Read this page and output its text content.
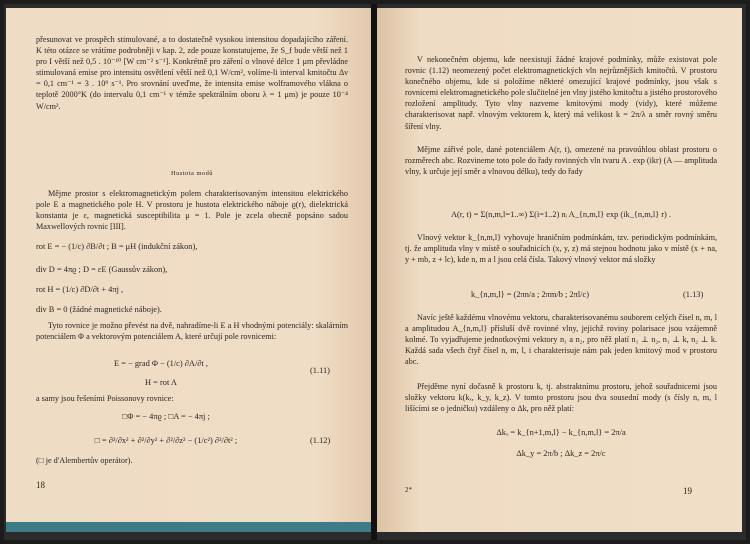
přesunovat ve prospěch stimulované, a to dostatečně vysokou intensitou dopadajícího záření. K této otázce se vrátíme podrobněji v kap. 2, zde pouze konstatujeme, že S_f bude větší než 1 pro I větší než 0,5 . 10⁻¹⁰ [W cm⁻² s⁻¹]. Konkrétně pro záření o vlnové délce 1 μm převládne stimulovaná emise pro intensitu osvětlení větší než 0,1 W/cm², volíme-li interval kmitočtu Δν = 0,1 cm⁻¹ = 3 . 10⁹ s⁻¹. Pro srovnání uveďme, že intensita emise wolframového vlákna o teplotě 2000°K (do intervalu 0,1 cm⁻¹ v témže spektrálním oboru λ = 1 μm) je pouze 10⁻⁴ W/cm².

Hustota modů

Mějme prostor s elektromagnetickým polem charakterisovaným intensitou elektrického pole E a magnetického pole H. V prostoru je hustota elektrického náboje ϱ(r), dielektrická konstanta je ε, magnetická susceptibilita μ = 1. Pole je zcela obecně popsáno sadou Maxwellových rovnic [III].

rot E = − (1/c) ∂B/∂t ; B = μH (indukční zákon),
div D = 4πϱ ; D = εE (Gaussův zákon),
rot H = (1/c) ∂D/∂t + 4πj ,
div B = 0 (žádné magnetické náboje).

Tyto rovnice je možno převést na dvě, nahradíme-li E a H vhodnými potenciály: skalárním potenciálem Φ a vektorovým potenciálem A, které určují pole rovnicemi:

E = − grad Φ − (1/c) ∂A/∂t ,
H = rot A
(1.11)

a samy jsou řešeními Poissonovy rovnice:

□Φ = − 4πϱ ; □A = − 4πj ;
□ = ∂²/∂x² + ∂²/∂y² + ∂²/∂z² − (1/c²) ∂²/∂t² ;	(1.12)

(□ je d'Alembertův operátor).

18

V nekonečném objemu, kde neexistují žádné krajové podmínky, může existovat pole rovnic (1.12) neomezený počet elektromagnetických vln nejrůznějších kmitočtů. V prostoru konečného objemu, kde si položíme některé omezující krajové podmínky, jsou však s rovnicemi elektromagnetického pole slučitelné jen vlny jistého kmitočtu a jistého prostorového rozložení amplitudy. Tyto vlny nazveme kmitovými mody (vidy), které můžeme charakterisovat např. vlnovým vektorem k, který má velikost k = 2π/λ a směr rovný směru šíření vlny.

Mějme zářivé pole, dané potenciálem A(r, t), omezené na pravoúhlou oblast prostoru o rozměrech abc. Rozvineme toto pole do řady rovinných vln tvaru A . exp (ikr) (A — amplituda vlny, k určuje její směr a vlnovou délku), tedy do řady

A(r, t) = Σ(n,m,l=1..∞) Σ(i=1..2) nᵢ A_{n,m,l} exp (ik_{n,m,l} r) .

Vlnový vektor k_{n,m,l} vyhovuje hraničním podmínkám, tzv. periodickým podmínkám, tj. že amplituda vlny v místě o souřadnicích (x, y, z) má stejnou hodnotu jako v místě (x + na, y + mb, z + lc), kde n, m a l jsou celá čísla. Takový vlnový vektor má složky

k_{n,m,l} = (2πn/a ; 2πm/b ; 2πl/c)	(1.13)

Navíc ještě každému vlnovému vektoru, charakterisovanému souborem celých čísel n, m, l a amplitudou A_{n,m,l} přísluší dvě rovinné vlny, jejichž roviny polarisace jsou vzájemně kolmé. To vyjadřujeme jednotkovými vektory n₁ a n₂, pro něž platí n₁ ⊥ n₂, n₁ ⊥ k, n₂ ⊥ k. Každá sada všech čtyř čísel n, m, l, i charakterisuje nám pak jeden kmitový mod v prostoru abc.

Přejděme nyní dočasně k prostoru k, tj. abstraktnímu prostoru, jehož souřadnicemi jsou složky vektoru k(kₓ, k_y, k_z). V tomto prostoru jsou dva sousední mody (s čísly n, m, l lišícími se o jedničku) vzdáleny o Δk, pro něž platí:

Δkₓ = k_{n+1,m,l} − k_{n,m,l} = 2π/a
Δk_y = 2π/b ; Δk_z = 2π/c
2*	19
